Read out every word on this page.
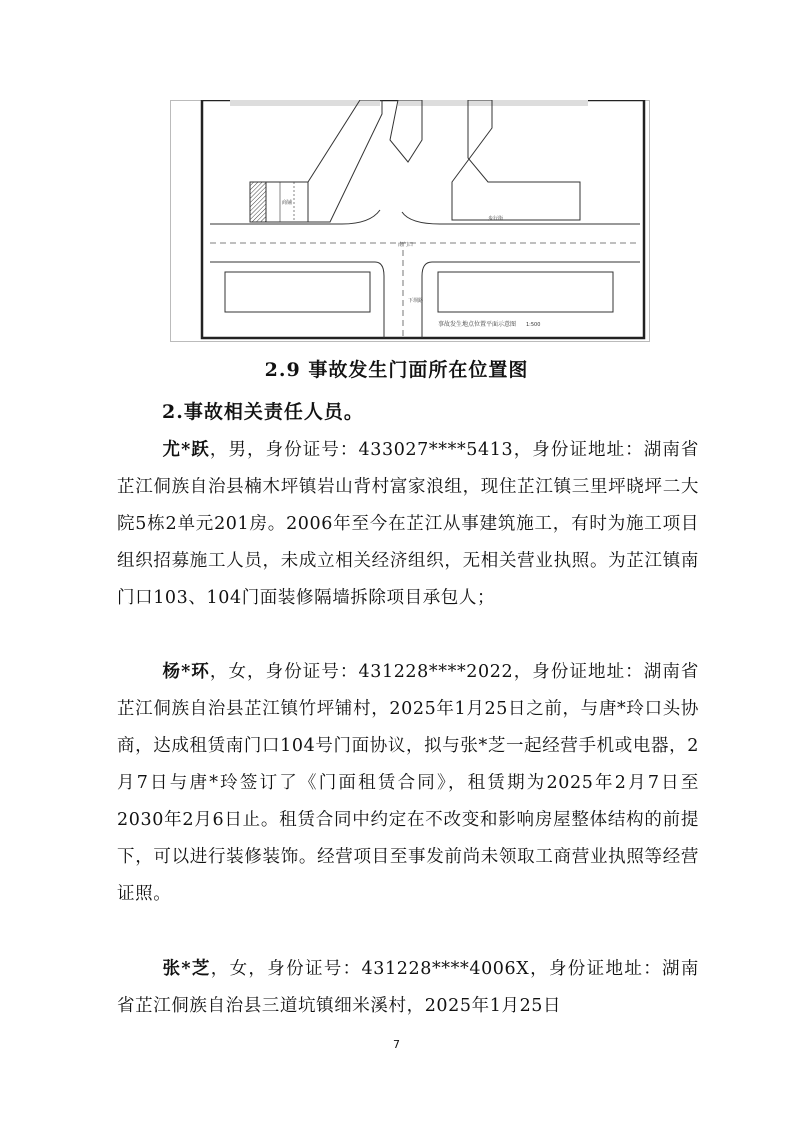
商铺
步行街
南门口
下坝路
事故发生地点位置平面示意图 1:500
2.9 事故发生门面所在位置图
2.事故相关责任人员。
尤*跃，男，身份证号：433027****5413，身份证地址：湖南省芷江侗族自治县楠木坪镇岩山背村富家浪组，现住芷江镇三里坪晓坪二大院5栋2单元201房。2006年至今在芷江从事建筑施工，有时为施工项目组织招募施工人员，未成立相关经济组织，无相关营业执照。为芷江镇南门口103、104门面装修隔墙拆除项目承包人；
杨*环，女，身份证号：431228****2022，身份证地址：湖南省芷江侗族自治县芷江镇竹坪铺村，2025年1月25日之前，与唐*玲口头协商，达成租赁南门口104号门面协议，拟与张*芝一起经营手机或电器，2月7日与唐*玲签订了《门面租赁合同》，租赁期为2025年2月7日至2030年2月6日止。租赁合同中约定在不改变和影响房屋整体结构的前提下，可以进行装修装饰。经营项目至事发前尚未领取工商营业执照等经营证照。
张*芝，女，身份证号：431228****4006X，身份证地址：湖南省芷江侗族自治县三道坑镇细米溪村，2025年1月25日
7
